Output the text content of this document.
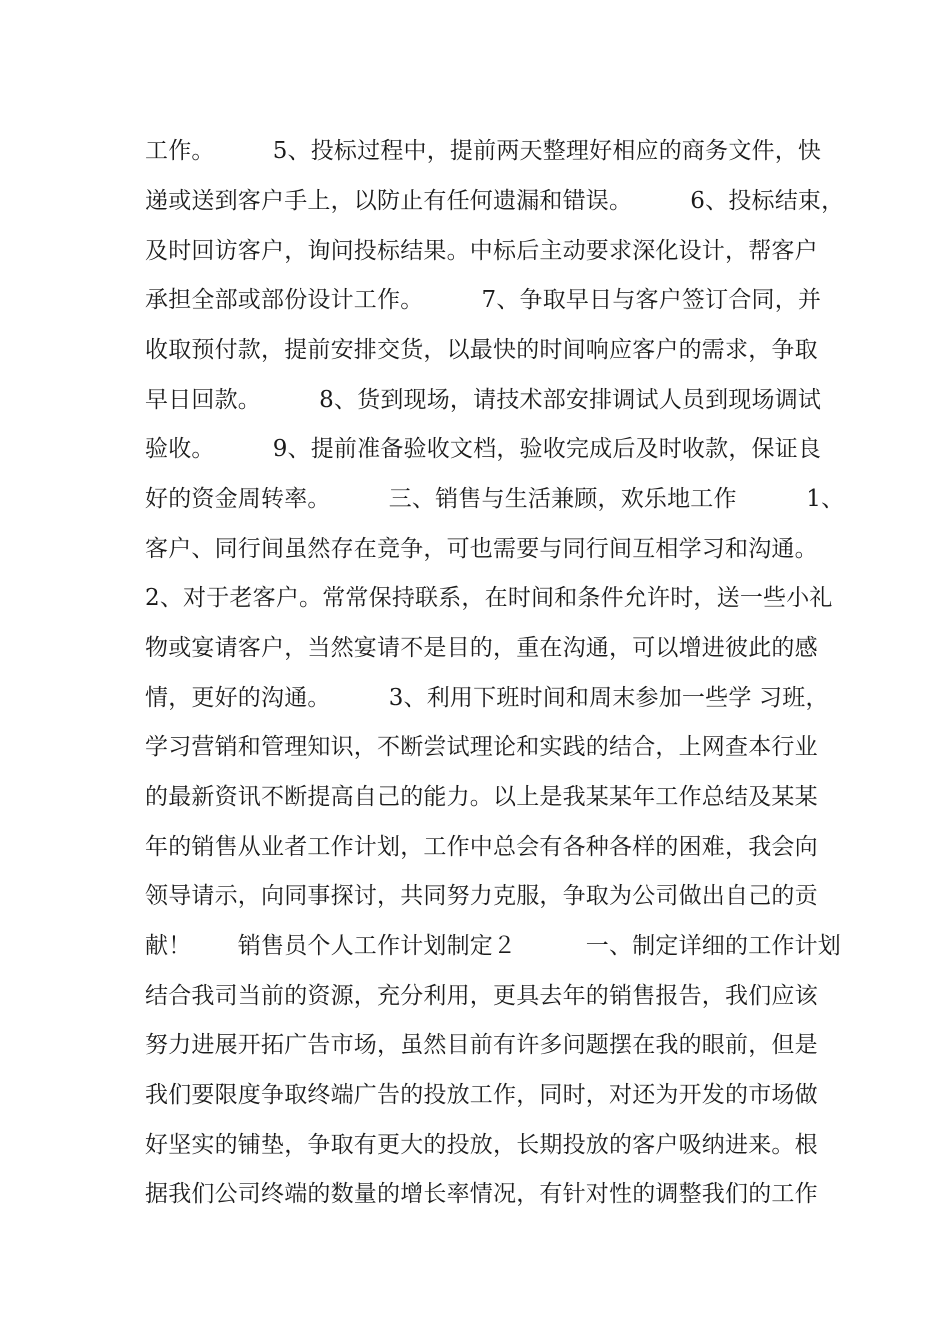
工作。　　　5、投标过程中，提前两天整理好相应的商务文件，快
递或送到客户手上，以防止有任何遗漏和错误。　　　6、投标结束，
及时回访客户，询问投标结果。中标后主动要求深化设计，帮客户
承担全部或部份设计工作。　　　7、争取早日与客户签订合同，并
收取预付款，提前安排交货，以最快的时间响应客户的需求，争取
早日回款。　　　8、货到现场，请技术部安排调试人员到现场调试
验收。　　　9、提前准备验收文档，验收完成后及时收款，保证良
好的资金周转率。　　　三、销售与生活兼顾，欢乐地工作　　　1、
客户、同行间虽然存在竞争，可也需要与同行间互相学习和沟通。
2、对于老客户。常常保持联系，在时间和条件允许时，送一些小礼
物或宴请客户，当然宴请不是目的，重在沟通，可以增进彼此的感
情，更好的沟通。　　　3、利用下班时间和周末参加一些学 习班，
学习营销和管理知识，不断尝试理论和实践的结合，上网查本行业
的最新资讯不断提高自己的能力。以上是我某某年工作总结及某某
年的销售从业者工作计划，工作中总会有各种各样的困难，我会向
领导请示，向同事探讨，共同努力克服，争取为公司做出自己的贡
献！　　销售员个人工作计划制定２　　　一、制定详细的工作计划
结合我司当前的资源，充分利用，更具去年的销售报告，我们应该
努力进展开拓广告市场，虽然目前有许多问题摆在我的眼前，但是
我们要限度争取终端广告的投放工作，同时，对还为开发的市场做
好坚实的铺垫，争取有更大的投放，长期投放的客户吸纳进来。根
据我们公司终端的数量的增长率情况，有针对性的调整我们的工作
